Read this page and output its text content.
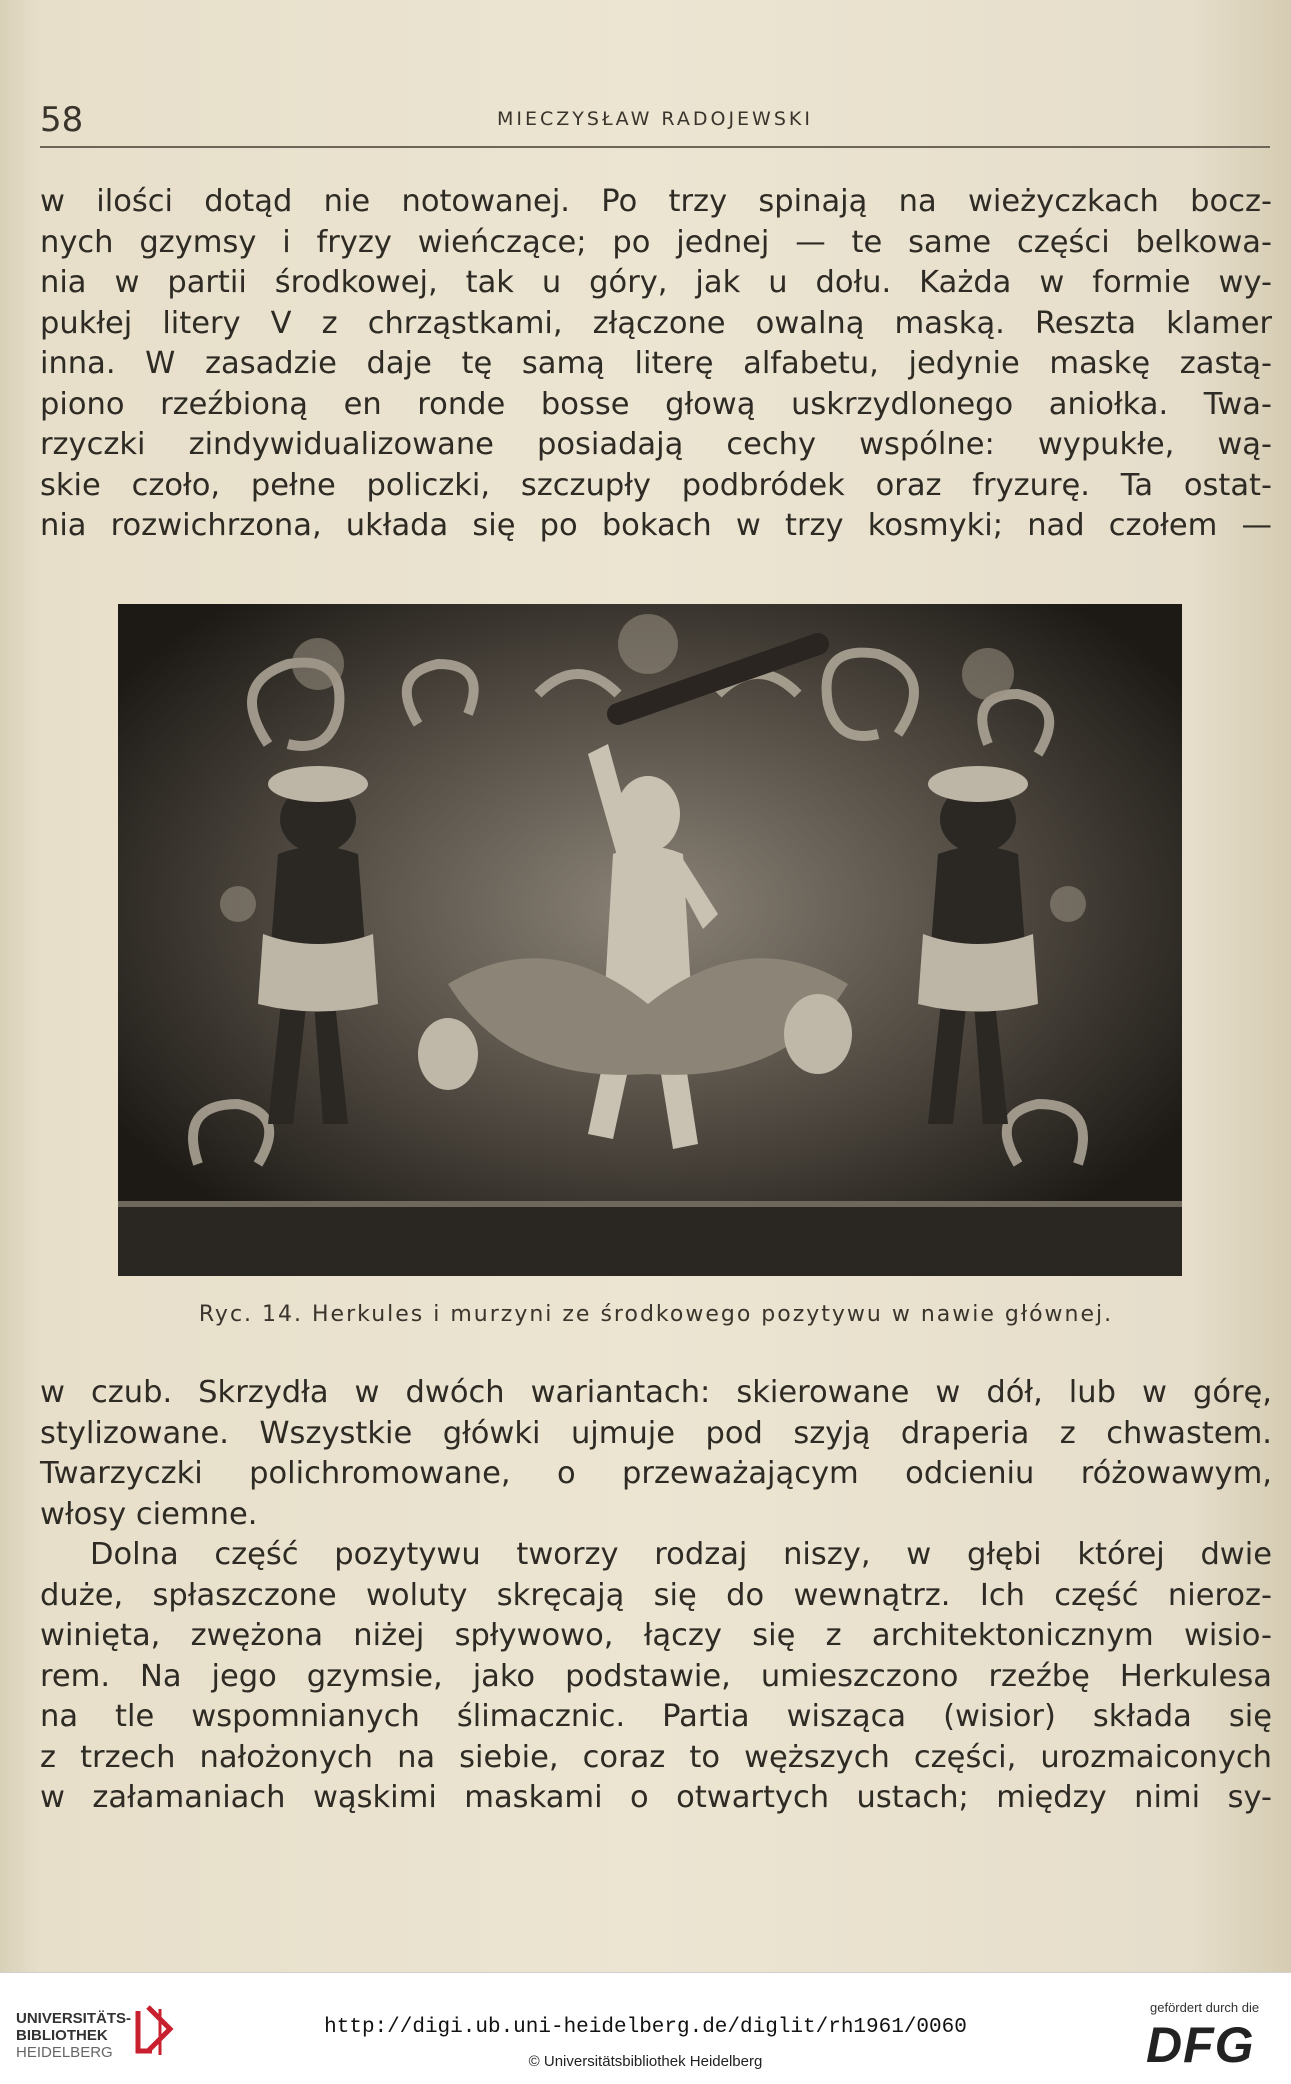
58	MIECZYSŁAW RADOJEWSKI
w ilości dotąd nie notowanej. Po trzy spinają na wieżyczkach bocz-
nych gzymsy i fryzy wieńczące; po jednej — te same części belkowa-
nia w partii środkowej, tak u góry, jak u dołu. Każda w formie wy-
pukłej litery V z chrząstkami, złączone owalną maską. Reszta klamer
inna. W zasadzie daje tę samą literę alfabetu, jedynie maskę zastą-
piono rzeźbioną en ronde bosse głową uskrzydlonego aniołka. Twa-
rzyczki zindywidualizowane posiadają cechy wspólne: wypukłe, wą-
skie czoło, pełne policzki, szczupły podbródek oraz fryzurę. Ta ostat-
nia rozwichrzona, układa się po bokach w trzy kosmyki; nad czołem —
Ryc. 14. Herkules i murzyni ze środkowego pozytywu w nawie głównej.
w czub. Skrzydła w dwóch wariantach: skierowane w dół, lub w górę,
stylizowane. Wszystkie główki ujmuje pod szyją draperia z chwastem.
Twarzyczki polichromowane, o przeważającym odcieniu różowawym,
włosy ciemne.
Dolna część pozytywu tworzy rodzaj niszy, w głębi której dwie
duże, spłaszczone woluty skręcają się do wewnątrz. Ich część nieroz-
winięta, zwężona niżej spływowo, łączy się z architektonicznym wisio-
rem. Na jego gzymsie, jako podstawie, umieszczono rzeźbę Herkulesa
na tle wspomnianych ślimacznic. Partia wisząca (wisior) składa się
z trzech nałożonych na siebie, coraz to węższych części, urozmaiconych
w załamaniach wąskimi maskami o otwartych ustach; między nimi sy-
UNIVERSITÄTS-
BIBLIOTHEK
HEIDELBERG
http://digi.ub.uni-heidelberg.de/diglit/rh1961/0060
© Universitätsbibliothek Heidelberg
gefördert durch die
DFG
